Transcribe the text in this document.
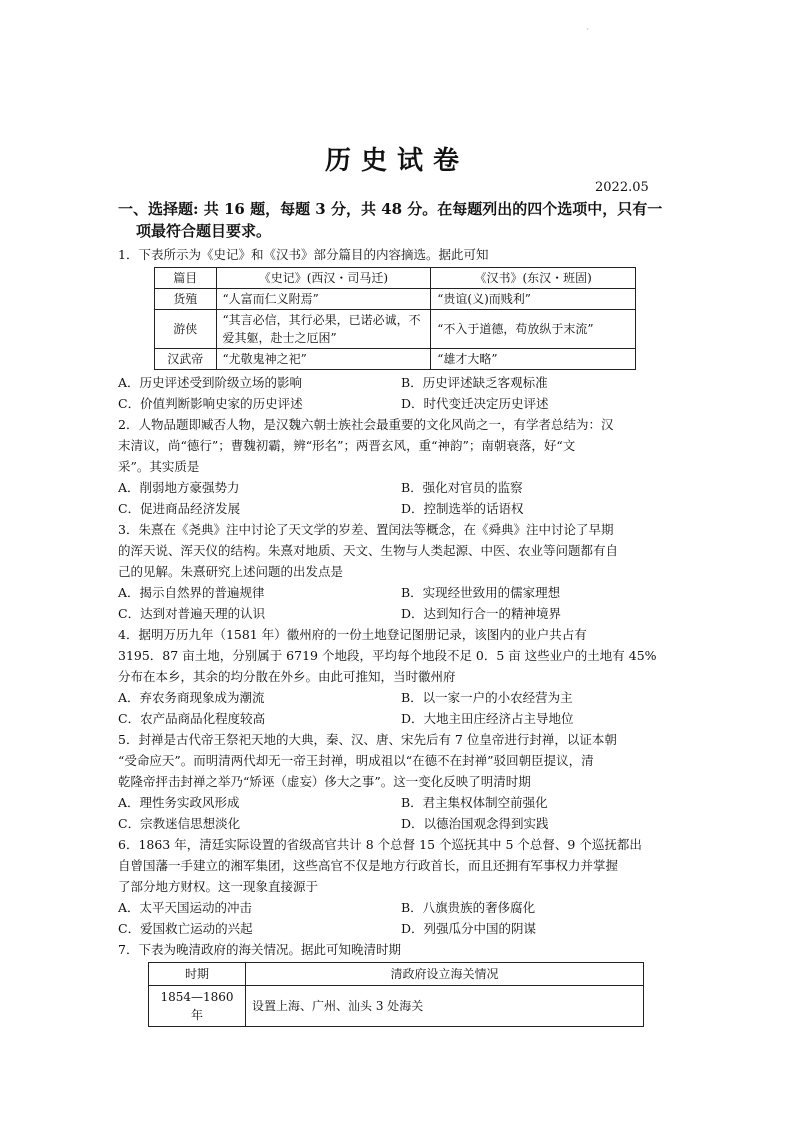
`
历史试卷
2022.05
一、选择题: 共 16 题，每题 3 分，共 48 分。在每题列出的四个选项中，只有一
项最符合题目要求。
1．下表所示为《史记》和《汉书》部分篇目的内容摘选。据此可知
篇目	《史记》(西汉・司马迁)	《汉书》(东汉・班固)
货殖	“人富而仁义附焉”	“贵谊(义)而贱利”
游侠	“其言必信，其行必果，已诺必诚，不爱其躯，赴士之厄困”	“不入于道德，苟放纵于末流”
汉武帝	“尤敬鬼神之祀”	“雄才大略”
A．历史评述受到阶级立场的影响	B．历史评述缺乏客观标准
C．价值判断影响史家的历史评述	D．时代变迁决定历史评述
2．人物品题即臧否人物，是汉魏六朝士族社会最重要的文化风尚之一，有学者总结为：汉
末清议，尚“德行”；曹魏初霸，辨“形名”；两晋玄风，重“神韵”；南朝衰落，好“文
采”。其实质是
A．削弱地方豪强势力	B．强化对官员的监察
C．促进商品经济发展	D．控制选举的话语权
3．朱熹在《尧典》注中讨论了天文学的岁差、置闰法等概念，在《舜典》注中讨论了早期
的浑天说、浑天仪的结构。朱熹对地质、天文、生物与人类起源、中医、农业等问题都有自
己的见解。朱熹研究上述问题的出发点是
A．揭示自然界的普遍规律	B．实现经世致用的儒家理想
C．达到对普遍天理的认识	D．达到知行合一的精神境界
4．据明万历九年（1581 年）徽州府的一份土地登记图册记录，该图内的业户共占有
3195．87 亩土地，分别属于 6719 个地段，平均每个地段不足 0．5 亩 这些业户的土地有 45%
分布在本乡，其余的均分散在外乡。由此可推知，当时徽州府
A．弃农务商现象成为潮流	B．以一家一户的小农经营为主
C．农产品商品化程度较高	D．大地主田庄经济占主导地位
5．封禅是古代帝王祭祀天地的大典，秦、汉、唐、宋先后有 7 位皇帝进行封禅，以证本朝
“受命应天”。而明清两代却无一帝王封禅，明成祖以“在德不在封禅”驳回朝臣提议，清
乾隆帝抨击封禅之举乃“矫诬（虚妄）侈大之事”。这一变化反映了明清时期
A．理性务实政风形成	B．君主集权体制空前强化
C．宗教迷信思想淡化	D．以德治国观念得到实践
6．1863 年，清廷实际设置的省级高官共计 8 个总督 15 个巡抚其中 5 个总督、9 个巡抚都出
自曾国藩一手建立的湘军集团，这些高官不仅是地方行政首长，而且还拥有军事权力并掌握
了部分地方财权。这一现象直接源于
A．太平天国运动的冲击	B．八旗贵族的奢侈腐化
C．爱国救亡运动的兴起	D．列强瓜分中国的阴谋
7．下表为晚清政府的海关情况。据此可知晚清时期
时期	清政府设立海关情况
1854—1860 年	设置上海、广州、汕头 3 处海关
